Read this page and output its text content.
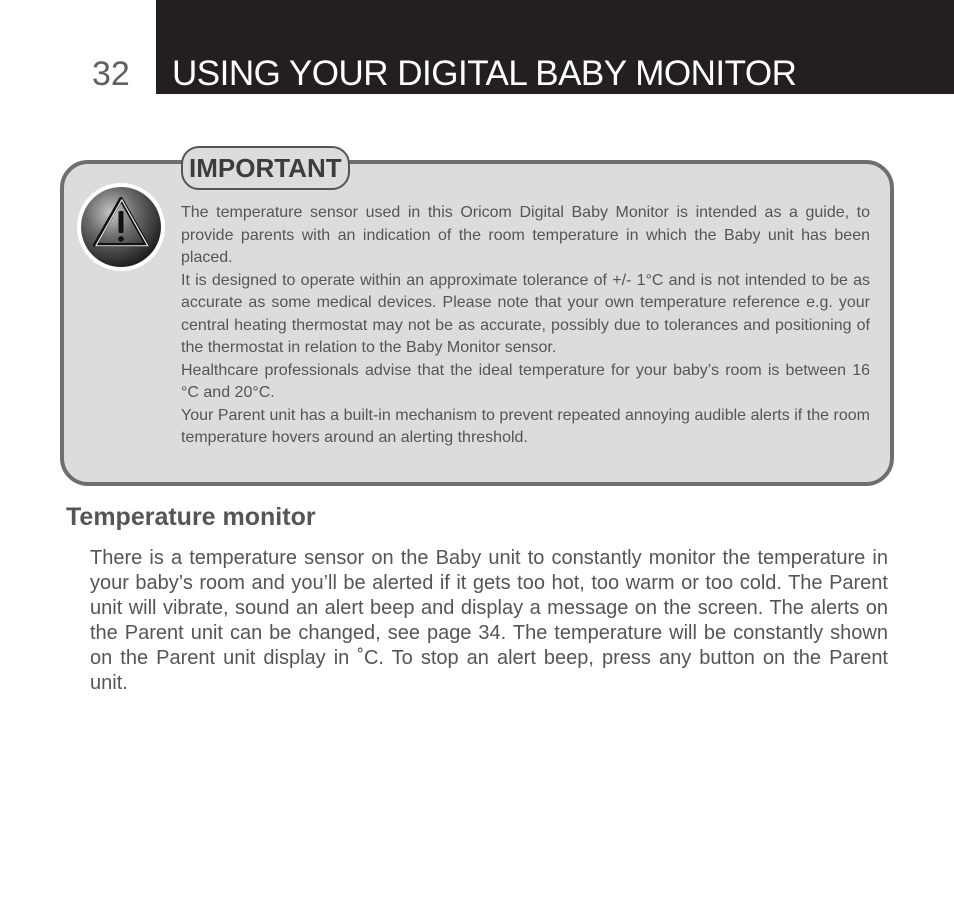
32 USING YOUR DIGITAL BABY MONITOR
IMPORTANT

The temperature sensor used in this Oricom Digital Baby Monitor is intended as a guide, to provide parents with an indication of the room temperature in which the Baby unit has been placed.

It is designed to operate within an approximate tolerance of +/- 1°C and is not intended to be as accurate as some medical devices. Please note that your own temperature reference e.g. your central heating thermostat may not be as accurate, possibly due to tolerances and positioning of the thermostat in relation to the Baby Monitor sensor.

Healthcare professionals advise that the ideal temperature for your baby’s room is between 16 °C and 20°C.

Your Parent unit has a built-in mechanism to prevent repeated annoying audible alerts if the room temperature hovers around an alerting threshold.

Temperature monitor

There is a temperature sensor on the Baby unit to constantly monitor the temperature in your baby’s room and you’ll be alerted if it gets too hot, too warm or too cold. The Parent unit will vibrate, sound an alert beep and display a message on the screen. The alerts on the Parent unit can be changed, see page 34. The temperature will be constantly shown on the Parent unit display in ˚C. To stop an alert beep, press any button on the Parent unit.
